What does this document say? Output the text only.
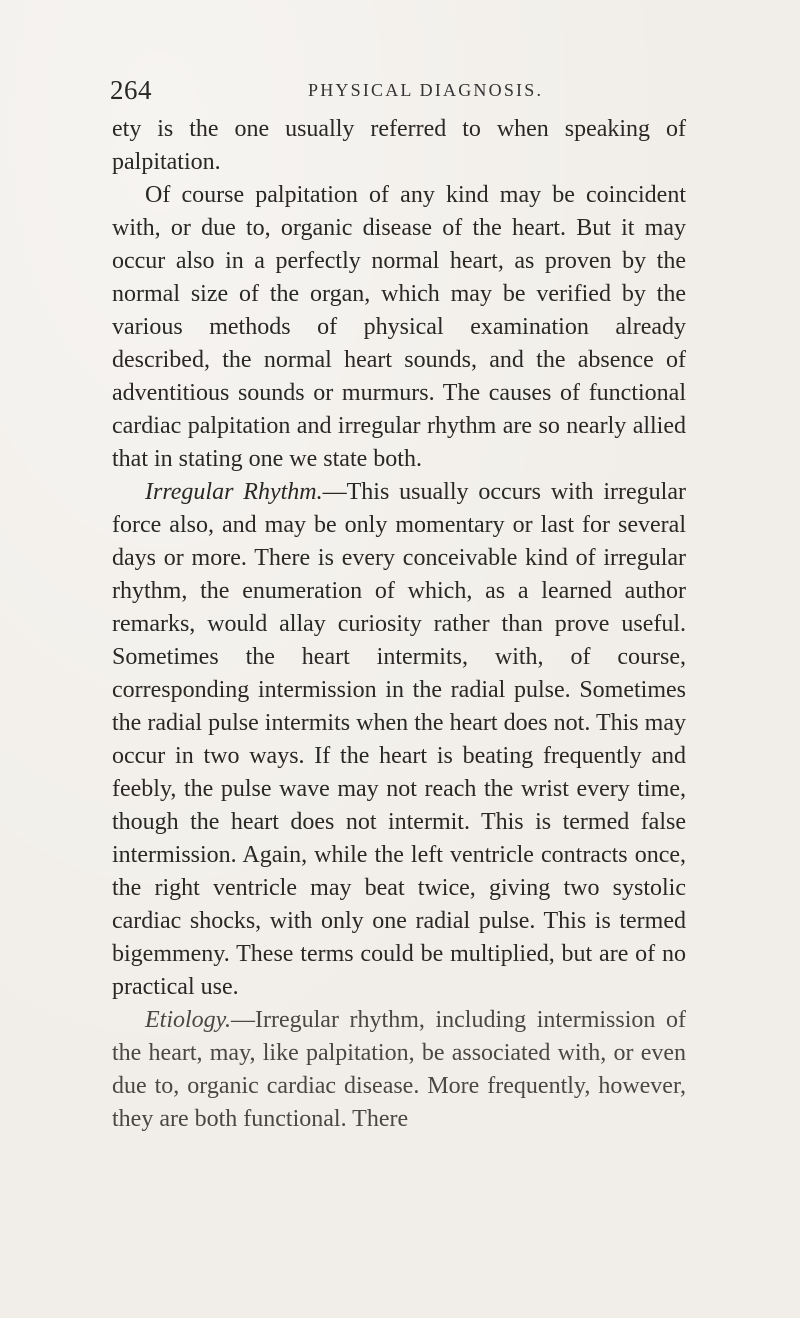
264	PHYSICAL DIAGNOSIS.

ety is the one usually referred to when speaking of palpitation.

Of course palpitation of any kind may be coincident with, or due to, organic disease of the heart. But it may occur also in a perfectly normal heart, as proven by the normal size of the organ, which may be verified by the various methods of physical examination already described, the normal heart sounds, and the absence of adventitious sounds or murmurs. The causes of functional cardiac palpitation and irregular rhythm are so nearly allied that in stating one we state both.

Irregular Rhythm.—This usually occurs with irregular force also, and may be only momentary or last for several days or more. There is every conceivable kind of irregular rhythm, the enumeration of which, as a learned author remarks, would allay curiosity rather than prove useful. Sometimes the heart intermits, with, of course, corresponding intermission in the radial pulse. Sometimes the radial pulse intermits when the heart does not. This may occur in two ways. If the heart is beating frequently and feebly, the pulse wave may not reach the wrist every time, though the heart does not intermit. This is termed false intermission. Again, while the left ventricle contracts once, the right ventricle may beat twice, giving two systolic cardiac shocks, with only one radial pulse. This is termed bigemmeny. These terms could be multiplied, but are of no practical use.

Etiology.—Irregular rhythm, including intermission of the heart, may, like palpitation, be associated with, or even due to, organic cardiac disease. More frequently, however, they are both functional. There
